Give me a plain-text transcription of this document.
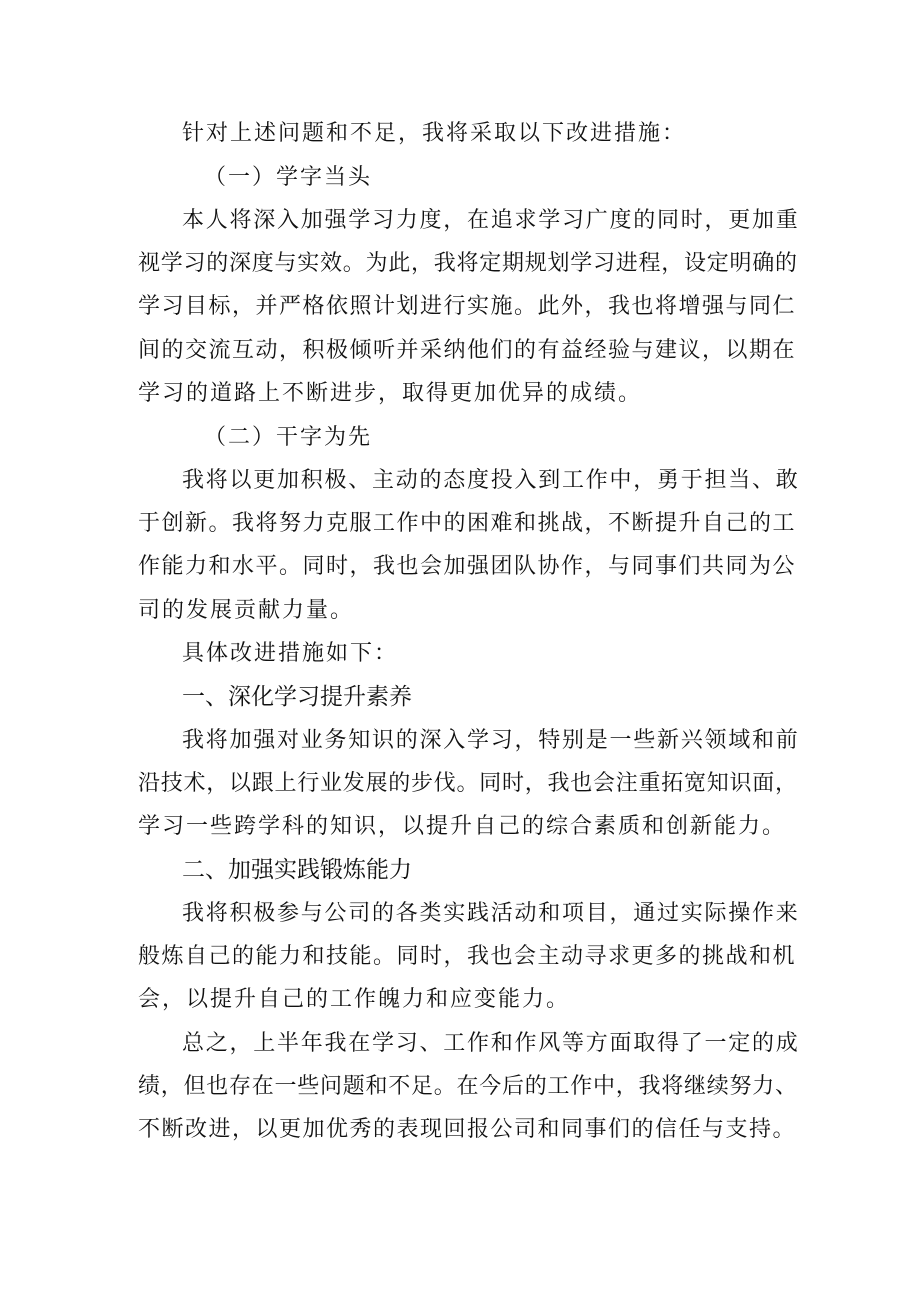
针对上述问题和不足，我将采取以下改进措施：
（一）学字当头
本人将深入加强学习力度，在追求学习广度的同时，更加重
视学习的深度与实效。为此，我将定期规划学习进程，设定明确的
学习目标，并严格依照计划进行实施。此外，我也将增强与同仁
间的交流互动，积极倾听并采纳他们的有益经验与建议，以期在
学习的道路上不断进步，取得更加优异的成绩。
（二）干字为先
我将以更加积极、主动的态度投入到工作中，勇于担当、敢
于创新。我将努力克服工作中的困难和挑战，不断提升自己的工
作能力和水平。同时，我也会加强团队协作，与同事们共同为公
司的发展贡献力量。
具体改进措施如下：
一、深化学习提升素养
我将加强对业务知识的深入学习，特别是一些新兴领域和前
沿技术，以跟上行业发展的步伐。同时，我也会注重拓宽知识面，
学习一些跨学科的知识，以提升自己的综合素质和创新能力。
二、加强实践锻炼能力
我将积极参与公司的各类实践活动和项目，通过实际操作来
般炼自己的能力和技能。同时，我也会主动寻求更多的挑战和机
会，以提升自己的工作魄力和应变能力。
总之，上半年我在学习、工作和作风等方面取得了一定的成
绩，但也存在一些问题和不足。在今后的工作中，我将继续努力、
不断改进，以更加优秀的表现回报公司和同事们的信任与支持。
